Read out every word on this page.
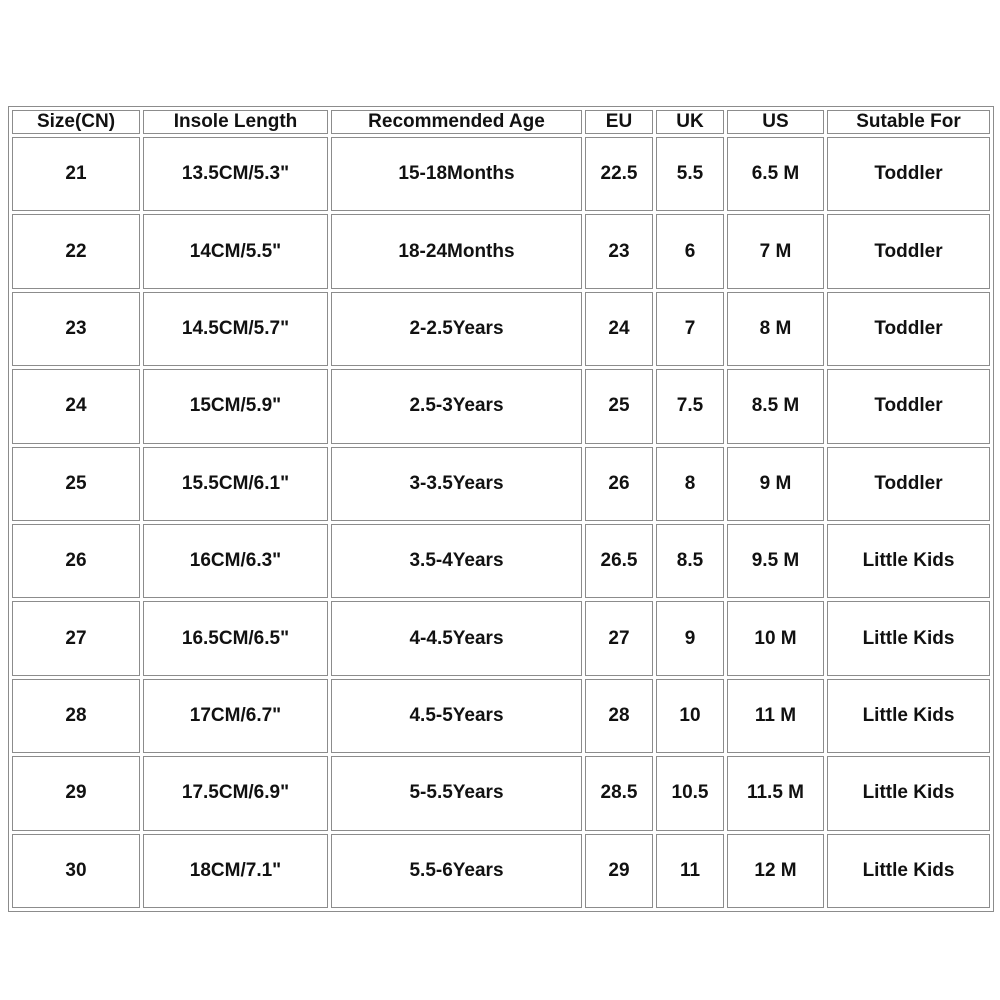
Size(CN)	Insole Length	Recommended Age	EU	UK	US	Sutable For
21	13.5CM/5.3"	15-18Months	22.5	5.5	6.5 M	Toddler
22	14CM/5.5"	18-24Months	23	6	7 M	Toddler
23	14.5CM/5.7"	2-2.5Years	24	7	8 M	Toddler
24	15CM/5.9"	2.5-3Years	25	7.5	8.5 M	Toddler
25	15.5CM/6.1"	3-3.5Years	26	8	9 M	Toddler
26	16CM/6.3"	3.5-4Years	26.5	8.5	9.5 M	Little Kids
27	16.5CM/6.5"	4-4.5Years	27	9	10 M	Little Kids
28	17CM/6.7"	4.5-5Years	28	10	11 M	Little Kids
29	17.5CM/6.9"	5-5.5Years	28.5	10.5	11.5 M	Little Kids
30	18CM/7.1"	5.5-6Years	29	11	12 M	Little Kids
